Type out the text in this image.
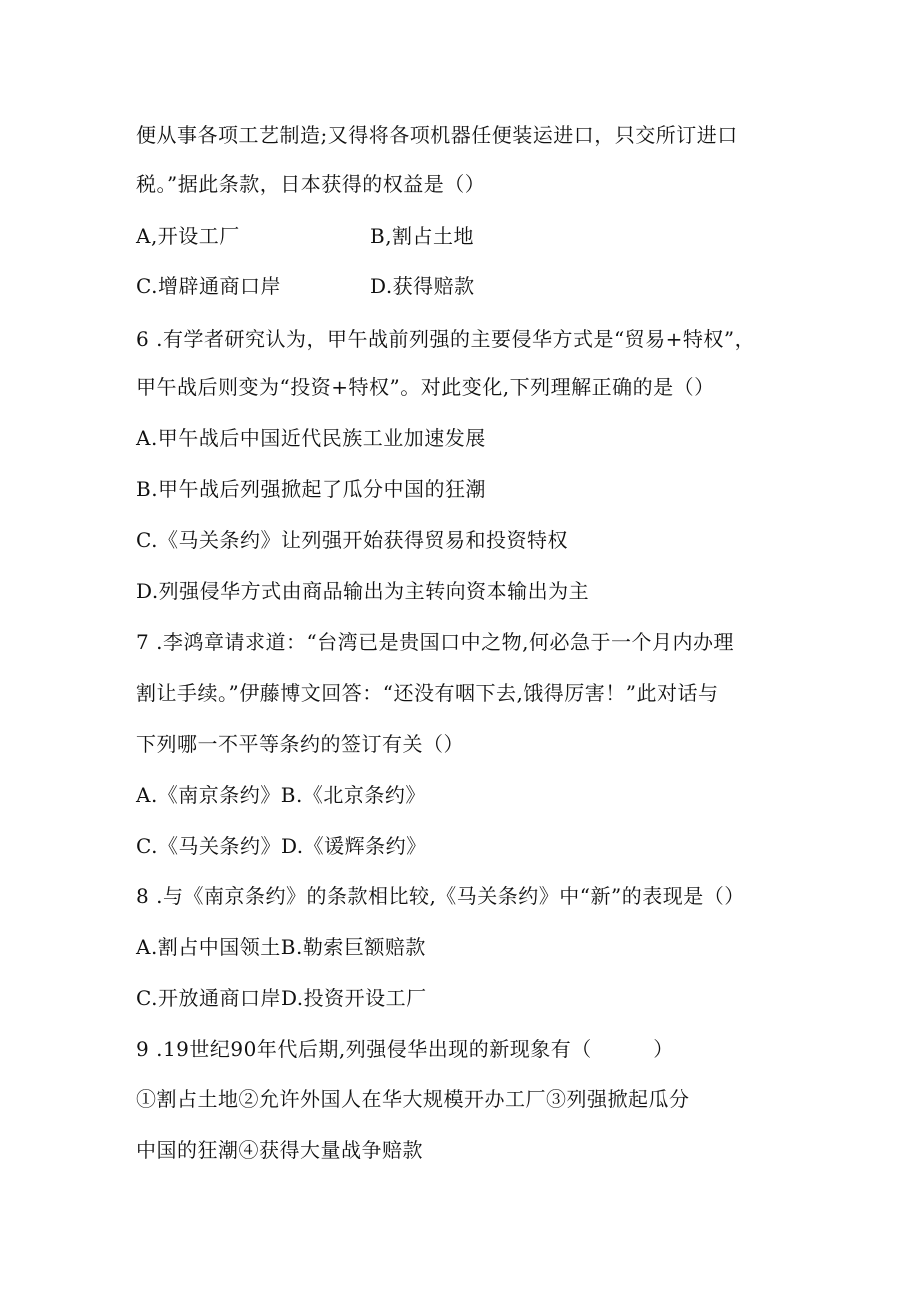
便从事各项工艺制造;又得将各项机器任便装运进口，只交所订进口
税。”据此条款，日本获得的权益是（）
A,开设工厂	B,割占土地
C.增辟通商口岸	D.获得赔款
6 .有学者研究认为，甲午战前列强的主要侵华方式是“贸易+特权”，
甲午战后则变为“投资+特权”。对此变化,下列理解正确的是（）
A.甲午战后中国近代民族工业加速发展
B.甲午战后列强掀起了瓜分中国的狂潮
C.《马关条约》让列强开始获得贸易和投资特权
D.列强侵华方式由商品输出为主转向资本输出为主
7 .李鸿章请求道：“台湾已是贵国口中之物,何必急于一个月内办理
割让手续。”伊藤博文回答：“还没有咽下去,饿得厉害！”此对话与
下列哪一不平等条约的签订有关（）
A.《南京条约》B.《北京条约》
C.《马关条约》D.《谖辉条约》
8 .与《南京条约》的条款相比较,《马关条约》中“新”的表现是（）
A.割占中国领土B.勒索巨额赔款
C.开放通商口岸D.投资开设工厂
9 .19世纪90年代后期,列强侵华出现的新现象有（　　　）
①割占土地②允许外国人在华大规模开办工厂③列强掀起瓜分
中国的狂潮④获得大量战争赔款
